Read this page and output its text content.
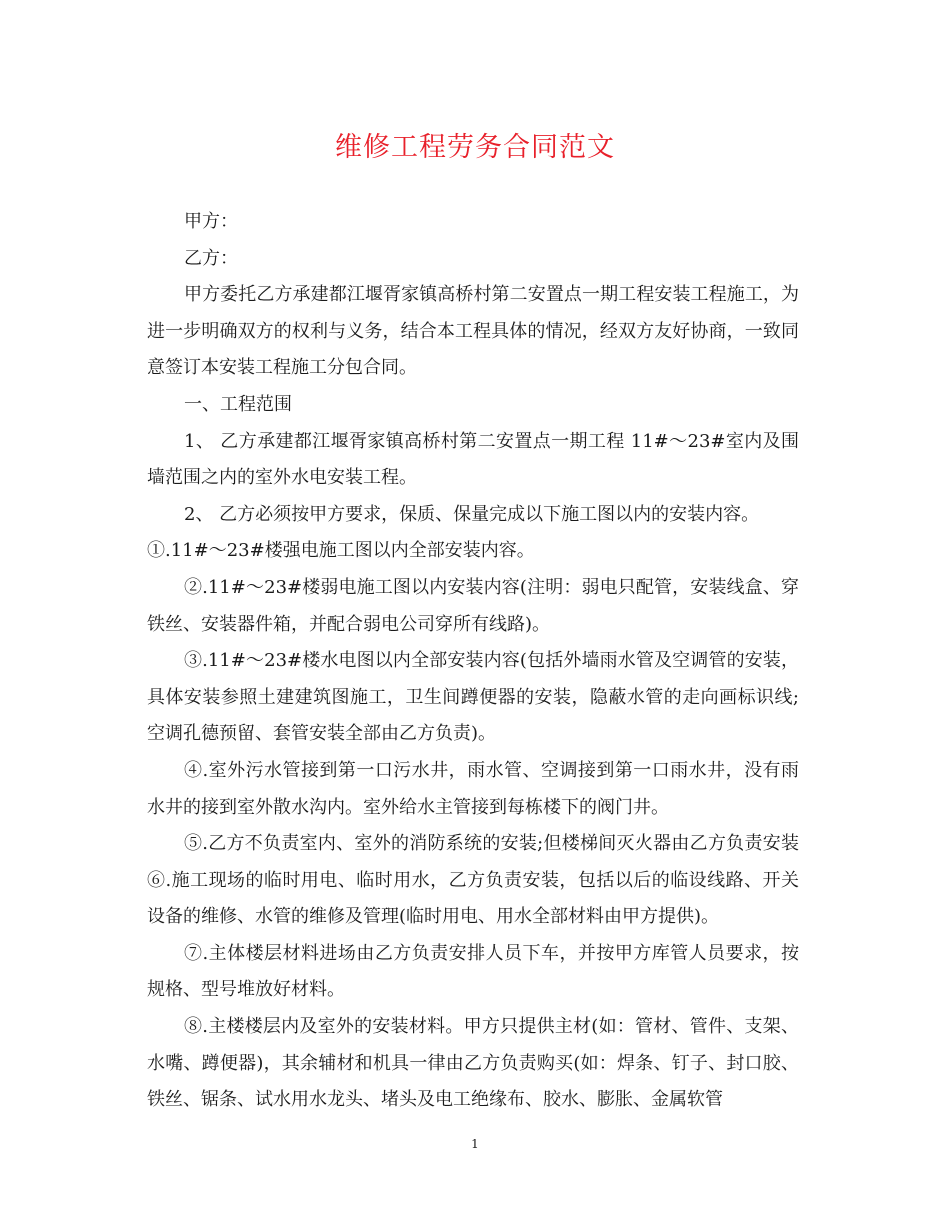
维修工程劳务合同范文

甲方：

乙方：

甲方委托乙方承建都江堰胥家镇高桥村第二安置点一期工程安装工程施工，为进一步明确双方的权利与义务，结合本工程具体的情况，经双方友好协商，一致同意签订本安装工程施工分包合同。

一、工程范围

1、 乙方承建都江堰胥家镇高桥村第二安置点一期工程 11#～23#室内及围墙范围之内的室外水电安装工程。

2、 乙方必须按甲方要求，保质、保量完成以下施工图以内的安装内容。

①.11#～23#楼强电施工图以内全部安装内容。

②.11#～23#楼弱电施工图以内安装内容(注明：弱电只配管，安装线盒、穿铁丝、安装器件箱，并配合弱电公司穿所有线路)。

③.11#～23#楼水电图以内全部安装内容(包括外墙雨水管及空调管的安装，具体安装参照土建建筑图施工，卫生间蹲便器的安装，隐蔽水管的走向画标识线;空调孔德预留、套管安装全部由乙方负责)。

④.室外污水管接到第一口污水井，雨水管、空调接到第一口雨水井，没有雨水井的接到室外散水沟内。室外给水主管接到每栋楼下的阀门井。

⑤.乙方不负责室内、室外的消防系统的安装;但楼梯间灭火器由乙方负责安装 ⑥.施工现场的临时用电、临时用水，乙方负责安装，包括以后的临设线路、开关设备的维修、水管的维修及管理(临时用电、用水全部材料由甲方提供)。

⑦.主体楼层材料进场由乙方负责安排人员下车，并按甲方库管人员要求，按规格、型号堆放好材料。

⑧.主楼楼层内及室外的安装材料。甲方只提供主材(如：管材、管件、支架、水嘴、蹲便器)，其余辅材和机具一律由乙方负责购买(如：焊条、钉子、封口胶、铁丝、锯条、试水用水龙头、堵头及电工绝缘布、胶水、膨胀、金属软管

1
